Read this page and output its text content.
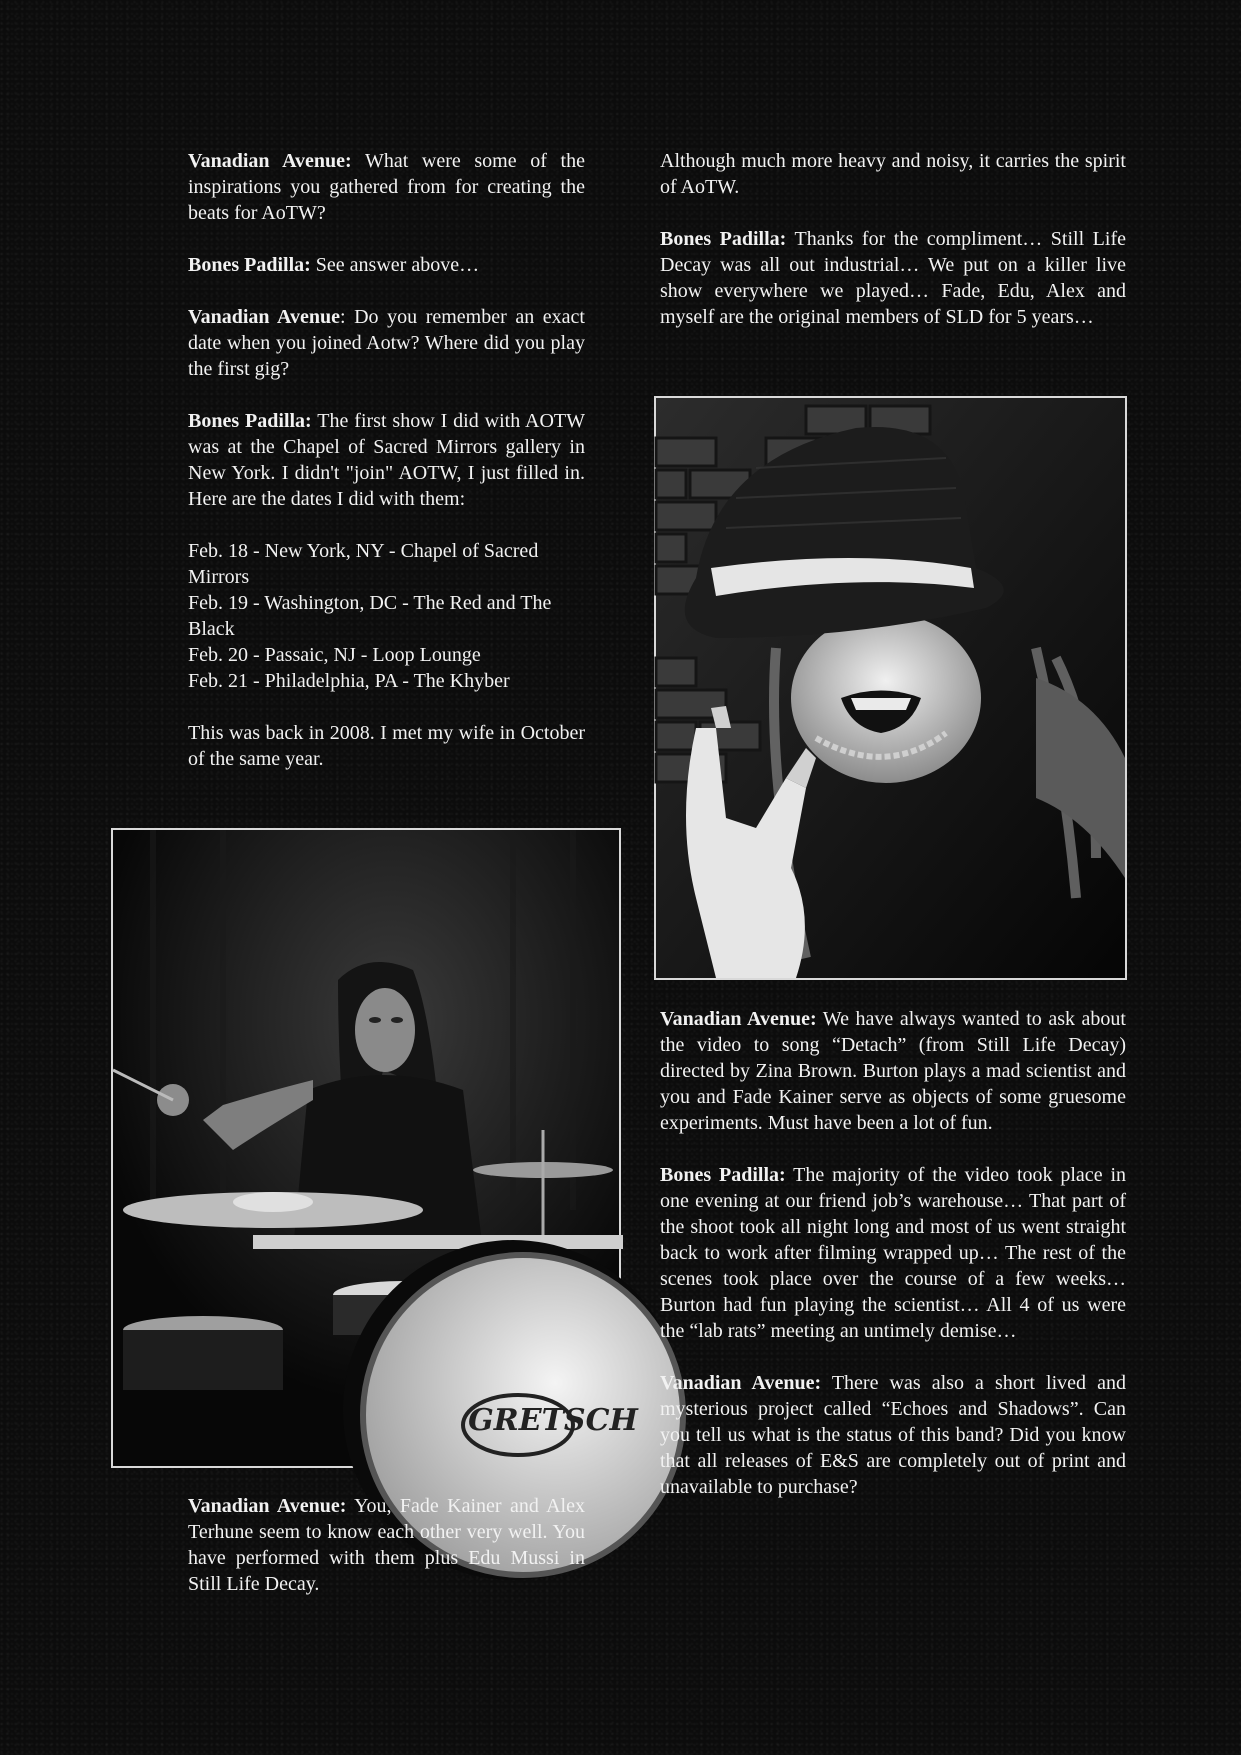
Vanadian Avenue: What were some of the inspirations you gathered from for creating the beats for AoTW?

Bones Padilla: See answer above…

Vanadian Avenue: Do you remember an exact date when you joined Aotw? Where did you play the first gig?

Bones Padilla: The first show I did with AOTW was at the Chapel of Sacred Mirrors gallery in New York. I didn't "join" AOTW, I just filled in. Here are the dates I did with them:

Feb. 18 - New York, NY - Chapel of Sacred Mirrors
Feb. 19 - Washington, DC - The Red and The Black
Feb. 20 - Passaic, NJ - Loop Lounge
Feb. 21 - Philadelphia, PA - The Khyber

This was back in 2008. I met my wife in October of the same year.

GRETSCH

Vanadian Avenue: You, Fade Kainer and Alex Terhune seem to know each other very well. You have performed with them plus Edu Mussi in Still Life Decay.

Although much more heavy and noisy, it carries the spirit of AoTW.

Bones Padilla: Thanks for the compliment… Still Life Decay was all out industrial… We put on a killer live show everywhere we played… Fade, Edu, Alex and myself are the original members of SLD for 5 years…

Vanadian Avenue: We have always wanted to ask about the video to song “Detach” (from Still Life Decay) directed by Zina Brown. Burton plays a mad scientist and you and Fade Kainer serve as objects of some gruesome experiments. Must have been a lot of fun.

Bones Padilla: The majority of the video took place in one evening at our friend job’s warehouse… That part of the shoot took all night long and most of us went straight back to work after filming wrapped up… The rest of the scenes took place over the course of a few weeks… Burton had fun playing the scientist… All 4 of us were the “lab rats” meeting an untimely demise…

Vanadian Avenue: There was also a short lived and mysterious project called “Echoes and Shadows”. Can you tell us what is the status of this band? Did you know that all releases of E&S are completely out of print and unavailable to purchase?
